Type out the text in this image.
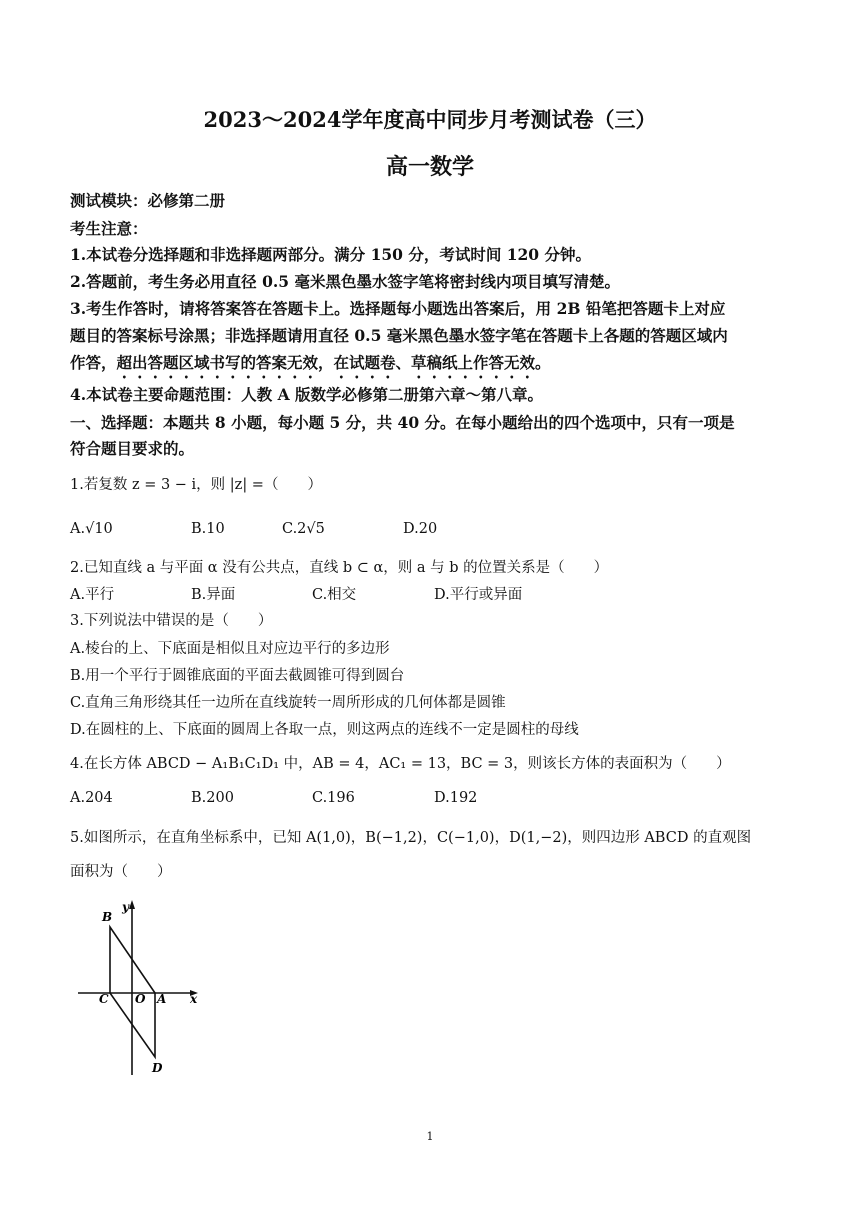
2023～2024学年度高中同步月考测试卷（三）
高一数学
测试模块：必修第二册
考生注意：
1.本试卷分选择题和非选择题两部分。满分 150 分，考试时间 120 分钟。
2.答题前，考生务必用直径 0.5 毫米黑色墨水签字笔将密封线内项目填写清楚。
3.考生作答时，请将答案答在答题卡上。选择题每小题选出答案后，用 2B 铅笔把答题卡上对应
题目的答案标号涂黑；非选择题请用直径 0.5 毫米黑色墨水签字笔在答题卡上各题的答题区域内
作答，超出答题区域书写的答案无效，在试题卷、草稿纸上作答无效。
4.本试卷主要命题范围：人教 A 版数学必修第二册第六章～第八章。
一、选择题：本题共 8 小题，每小题 5 分，共 40 分。在每小题给出的四个选项中，只有一项是
符合题目要求的。
1.若复数 z = 3 − i，则 |z| =（　　）
A.√10	B.10	C.2√5	D.20
2.已知直线 a 与平面 α 没有公共点，直线 b ⊂ α，则 a 与 b 的位置关系是（　　）
A.平行	B.异面	C.相交	D.平行或异面
3.下列说法中错误的是（　　）
A.棱台的上、下底面是相似且对应边平行的多边形
B.用一个平行于圆锥底面的平面去截圆锥可得到圆台
C.直角三角形绕其任一边所在直线旋转一周所形成的几何体都是圆锥
D.在圆柱的上、下底面的圆周上各取一点，则这两点的连线不一定是圆柱的母线
4.在长方体 ABCD − A₁B₁C₁D₁ 中，AB = 4，AC₁ = 13，BC = 3，则该长方体的表面积为（　　）
A.204	B.200	C.196	D.192
5.如图所示，在直角坐标系中，已知 A(1,0)，B(−1,2)，C(−1,0)，D(1,−2)，则四边形 ABCD 的直观图
面积为（　　）
B
y
C O A x
D
1
